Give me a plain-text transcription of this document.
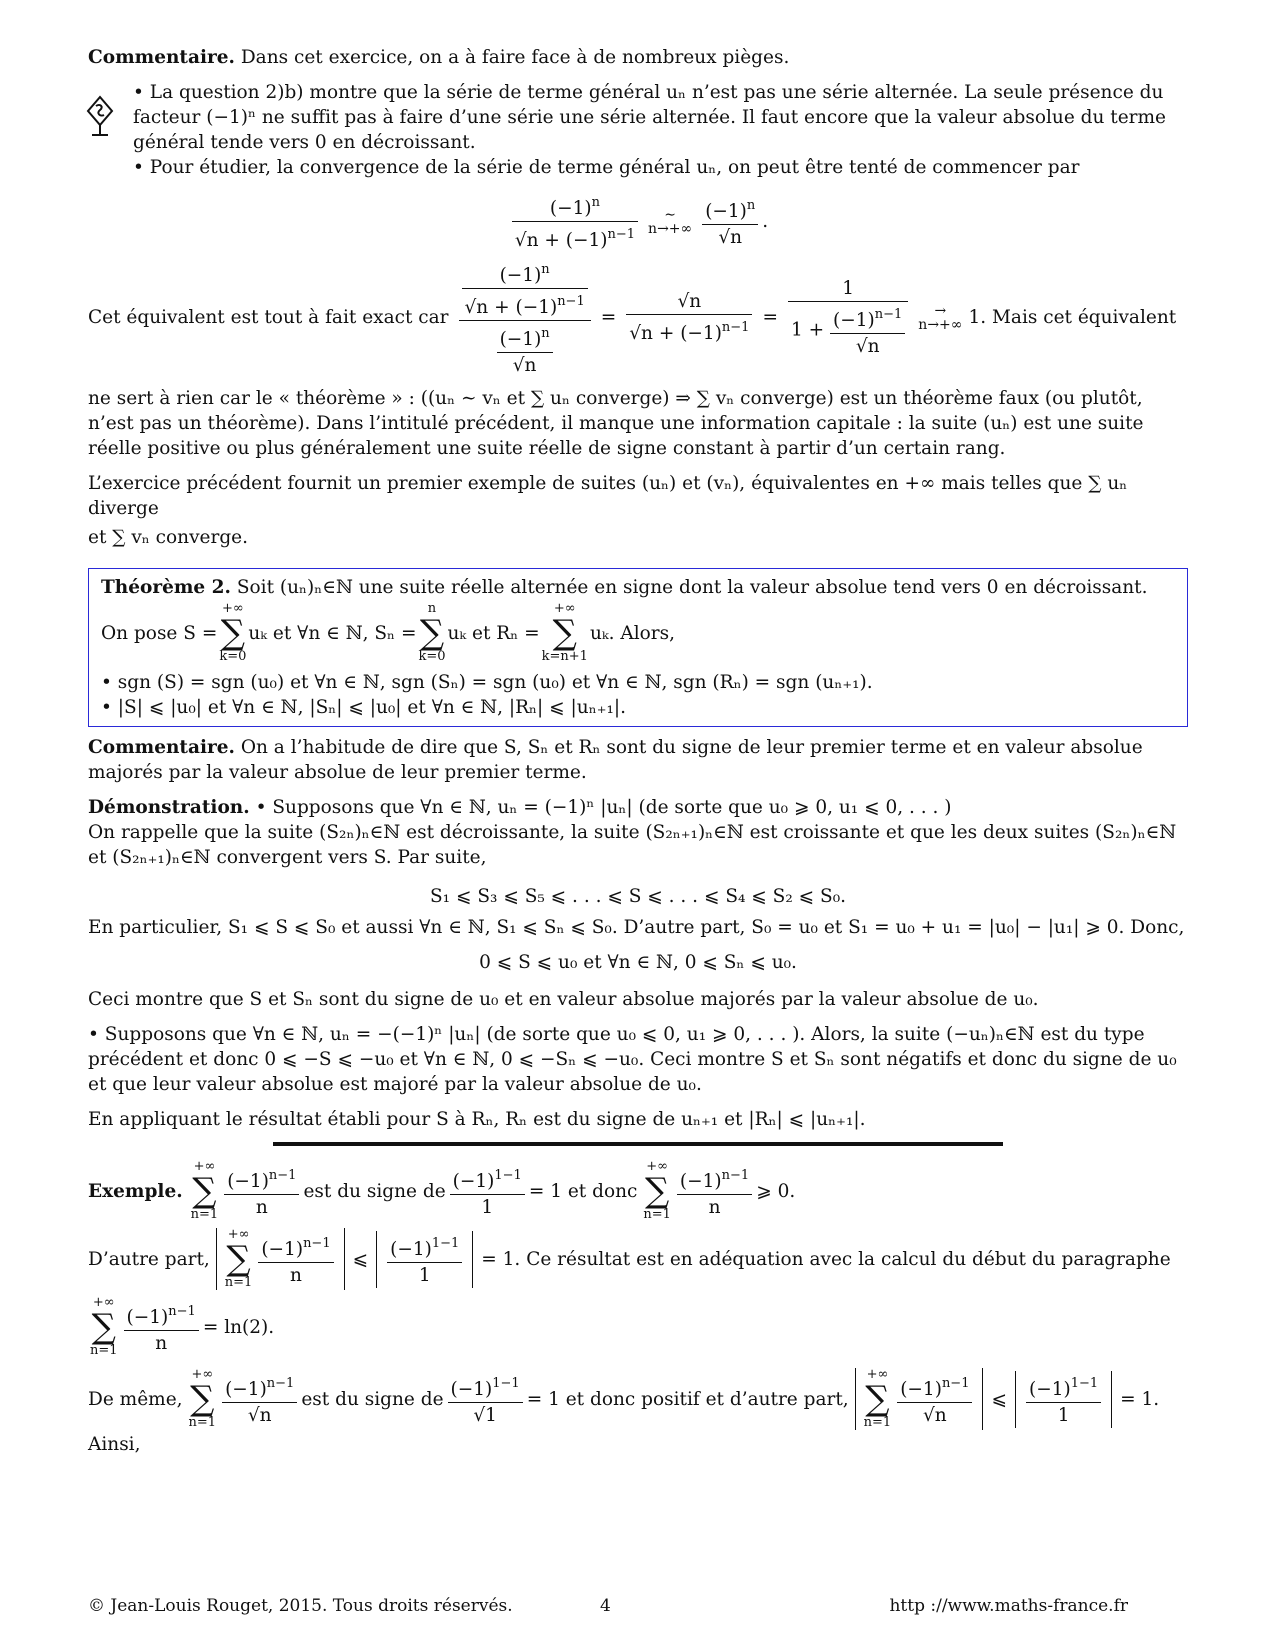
Commentaire. Dans cet exercice, on a à faire face à de nombreux pièges.

• La question 2)b) montre que la série de terme général uₙ n’est pas une série alternée. La seule présence du facteur (−1)ⁿ ne suffit pas à faire d’une série une série alternée. Il faut encore que la valeur absolue du terme général tende vers 0 en décroissant.

• Pour étudier, la convergence de la série de terme général uₙ, on peut être tenté de commencer par

$\frac{(-1)^n}{√n + (-1)^{n-1}}$	∼
$n\to+\infty \frac{(-1)^n}{√n}$ .
Cet équivalent est tout à fait exact car $\frac{\frac{(-1)^n}{√n + (-1)^{n-1}}}{\frac{(-1)^n}{√n}} = \frac{√n}{√n + (-1)^{n-1}} = \frac{1}{1 + \frac{(-1)^{n-1}}{√n}}$	→
n→+∞ 1. Mais cet équivalent

ne sert à rien car le « théorème » : ((uₙ ∼ vₙ et ∑ uₙ converge) ⇒ ∑ vₙ converge) est un théorème faux (ou plutôt, n’est pas un théorème). Dans l’intitulé précédent, il manque une information capitale : la suite (uₙ) est une suite réelle positive ou plus généralement une suite réelle de signe constant à partir d’un certain rang.

L’exercice précédent fournit un premier exemple de suites (uₙ) et (vₙ), équivalentes en +∞ mais telles que ∑ uₙ diverge

et ∑ vₙ converge.

Théorème 2. Soit (uₙ)ₙ∈ℕ une suite réelle alternée en signe dont la valeur absolue tend vers 0 en décroissant.

On pose S =
+∞
∑
k=0
uₖ et ∀n ∈ ℕ, Sₙ =
n
∑
k=0
uₖ et Rₙ =
+∞
∑
k=n+1
uₖ. Alors,

• sgn (S) = sgn (u₀) et ∀n ∈ ℕ, sgn (Sₙ) = sgn (u₀) et ∀n ∈ ℕ, sgn (Rₙ) = sgn (uₙ₊₁).

• |S| ⩽ |u₀| et ∀n ∈ ℕ, |Sₙ| ⩽ |u₀| et ∀n ∈ ℕ, |Rₙ| ⩽ |uₙ₊₁|.

Commentaire. On a l’habitude de dire que S, Sₙ et Rₙ sont du signe de leur premier terme et en valeur absolue majorés par la valeur absolue de leur premier terme.

Démonstration. • Supposons que ∀n ∈ ℕ, uₙ = (−1)ⁿ |uₙ| (de sorte que u₀ ⩾ 0, u₁ ⩽ 0, . . . )

On rappelle que la suite (S₂ₙ)ₙ∈ℕ est décroissante, la suite (S₂ₙ₊₁)ₙ∈ℕ est croissante et que les deux suites (S₂ₙ)ₙ∈ℕ et (S₂ₙ₊₁)ₙ∈ℕ convergent vers S. Par suite,

S₁ ⩽ S₃ ⩽ S₅ ⩽ . . . ⩽ S ⩽ . . . ⩽ S₄ ⩽ S₂ ⩽ S₀.

En particulier, S₁ ⩽ S ⩽ S₀ et aussi ∀n ∈ ℕ, S₁ ⩽ Sₙ ⩽ S₀. D’autre part, S₀ = u₀ et S₁ = u₀ + u₁ = |u₀| − |u₁| ⩾ 0. Donc,

0 ⩽ S ⩽ u₀ et ∀n ∈ ℕ, 0 ⩽ Sₙ ⩽ u₀.

Ceci montre que S et Sₙ sont du signe de u₀ et en valeur absolue majorés par la valeur absolue de u₀.

• Supposons que ∀n ∈ ℕ, uₙ = −(−1)ⁿ |uₙ| (de sorte que u₀ ⩽ 0, u₁ ⩾ 0, . . . ). Alors, la suite (−uₙ)ₙ∈ℕ est du type précédent et donc 0 ⩽ −S ⩽ −u₀ et ∀n ∈ ℕ, 0 ⩽ −Sₙ ⩽ −u₀. Ceci montre S et Sₙ sont négatifs et donc du signe de u₀ et que leur valeur absolue est majoré par la valeur absolue de u₀.

En appliquant le résultat établi pour S à Rₙ, Rₙ est du signe de uₙ₊₁ et |Rₙ| ⩽ |uₙ₊₁|.

Exemple.
+∞
∑
$n=1 \frac{(-1)^{n-1}}{n}$ est du signe de $\frac{(-1)^{1-1}}{1} = 1$ et donc
+∞
∑
$n=1 \frac{(-1)^{n-1}}{n}$ ⩾ 0.
D’autre part,
+∞
∑
$n=1 \frac{(-1)^{n-1}}{n}$ ⩽ $\frac{(-1)^{1-1}}{1} = 1$. Ce résultat est en adéquation avec la calcul du début du paragraphe
+∞
∑
$n=1 \frac{(-1)^{n-1}}{n} = \ln(2)$.
De même,
+∞
∑
$n=1 \frac{(-1)^{n-1}}{√n}$ est du signe de $\frac{(-1)^{1-1}}{√1} = 1$ et donc positif et d’autre part,
+∞
∑
$n=1 \frac{(-1)^{n-1}}{√n}$ ⩽ $\frac{(-1)^{1-1}}{1} = 1$.

Ainsi,

© Jean-Louis Rouget, 2015. Tous droits réservés.	4	http ://www.maths-france.fr
